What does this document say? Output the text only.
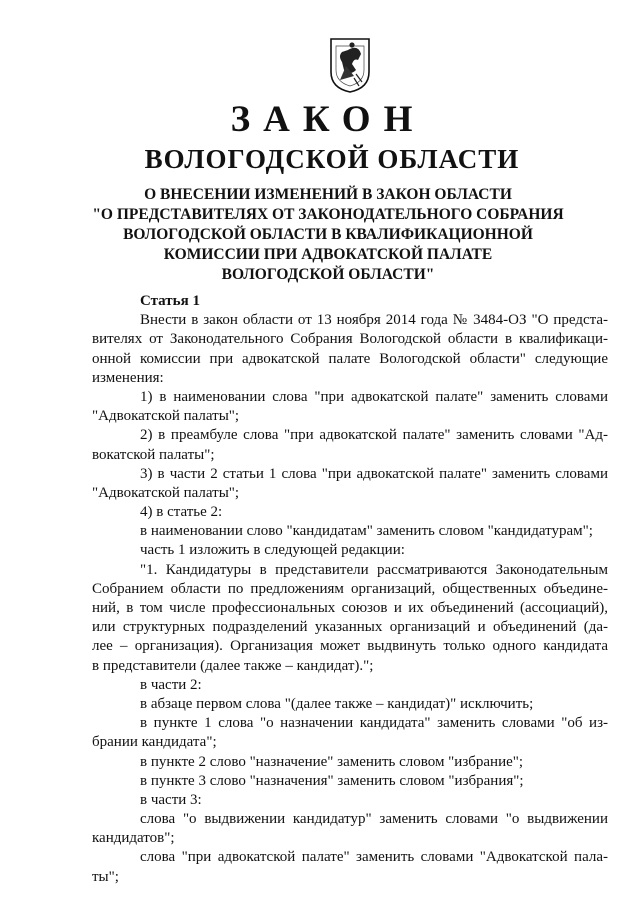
ЗАКОН
ВОЛОГОДСКОЙ ОБЛАСТИ
О ВНЕСЕНИИ ИЗМЕНЕНИЙ В ЗАКОН ОБЛАСТИ
"О ПРЕДСТАВИТЕЛЯХ ОТ ЗАКОНОДАТЕЛЬНОГО СОБРАНИЯ
ВОЛОГОДСКОЙ ОБЛАСТИ В КВАЛИФИКАЦИОННОЙ
КОМИССИИ ПРИ АДВОКАТСКОЙ ПАЛАТЕ
ВОЛОГОДСКОЙ ОБЛАСТИ"
Статья 1
Внести в закон области от 13 ноября 2014 года № 3484-ОЗ "О предста-
вителях от Законодательного Собрания Вологодской области в квалификаци-
онной комиссии при адвокатской палате Вологодской области" следующие
изменения:
1) в наименовании слова "при адвокатской палате" заменить словами
"Адвокатской палаты";
2) в преамбуле слова "при адвокатской палате" заменить словами "Ад-
вокатской палаты";
3) в части 2 статьи 1 слова "при адвокатской палате" заменить словами
"Адвокатской палаты";
4) в статье 2:
в наименовании слово "кандидатам" заменить словом "кандидатурам";
часть 1 изложить в следующей редакции:
"1. Кандидатуры в представители рассматриваются Законодательным
Собранием области по предложениям организаций, общественных объедине-
ний, в том числе профессиональных союзов и их объединений (ассоциаций),
или структурных подразделений указанных организаций и объединений (да-
лее – организация). Организация может выдвинуть только одного кандидата
в представители (далее также – кандидат).";
в части 2:
в абзаце первом слова "(далее также – кандидат)" исключить;
в пункте 1 слова "о назначении кандидата" заменить словами "об из-
брании кандидата";
в пункте 2 слово "назначение" заменить словом "избрание";
в пункте 3 слово "назначения" заменить словом "избрания";
в части 3:
слова "о выдвижении кандидатур" заменить словами "о выдвижении
кандидатов";
слова "при адвокатской палате" заменить словами "Адвокатской пала-
ты";
